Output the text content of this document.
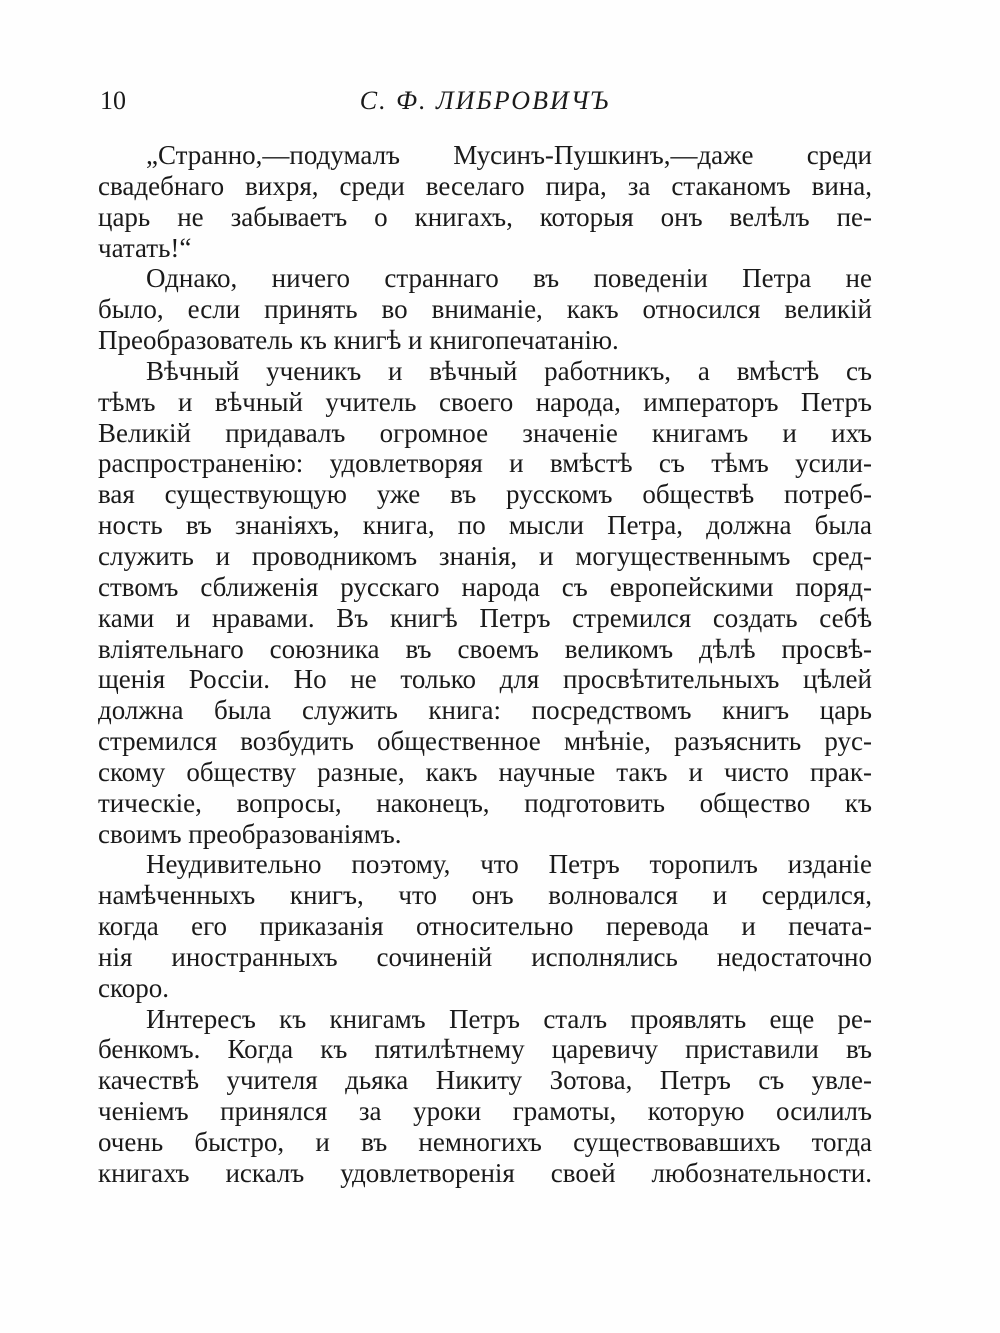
10	С. Ф. ЛИБРОВИЧЪ

„Странно,—подумалъ Мусинъ-Пушкинъ,—даже среди
свадебнаго вихря, среди веселаго пира, за стаканомъ вина,
царь не забываетъ о книгахъ, которыя онъ велѣлъ пе-
чатать!“

Однако, ничего страннаго въ поведеніи Петра не
было, если принять во вниманіе, какъ относился великій
Преобразователь къ книгѣ и книгопечатанію.

Вѣчный ученикъ и вѣчный работникъ, а вмѣстѣ съ
тѣмъ и вѣчный учитель своего народа, императоръ Петръ
Великій придавалъ огромное значеніе книгамъ и ихъ
распространенію: удовлетворяя и вмѣстѣ съ тѣмъ усили-
вая существующую уже въ русскомъ обществѣ потреб-
ность въ знаніяхъ, книга, по мысли Петра, должна была
служить и проводникомъ знанія, и могущественнымъ сред-
ствомъ сближенія русскаго народа съ европейскими поряд-
ками и нравами. Въ книгѣ Петръ стремился создать себѣ
вліятельнаго союзника въ своемъ великомъ дѣлѣ просвѣ-
щенія Россіи. Но не только для просвѣтительныхъ цѣлей
должна была служить книга: посредствомъ книгъ царь
стремился возбудить общественное мнѣніе, разъяснить рус-
скому обществу разные, какъ научные такъ и чисто прак-
тическіе, вопросы, наконецъ, подготовить общество къ
своимъ преобразованіямъ.

Неудивительно поэтому, что Петръ торопилъ изданіе
намѣченныхъ книгъ, что онъ волновался и сердился,
когда его приказанія относительно перевода и печата-
нія иностранныхъ сочиненій исполнялись недостаточно
скоро.

Интересъ къ книгамъ Петръ сталъ проявлять еще ре-
бенкомъ. Когда къ пятилѣтнему царевичу приставили въ
качествѣ учителя дьяка Никиту Зотова, Петръ съ увле-
ченіемъ принялся за уроки грамоты, которую осилилъ
очень быстро, и въ немногихъ существовавшихъ тогда
книгахъ искалъ удовлетворенія своей любознательности.
